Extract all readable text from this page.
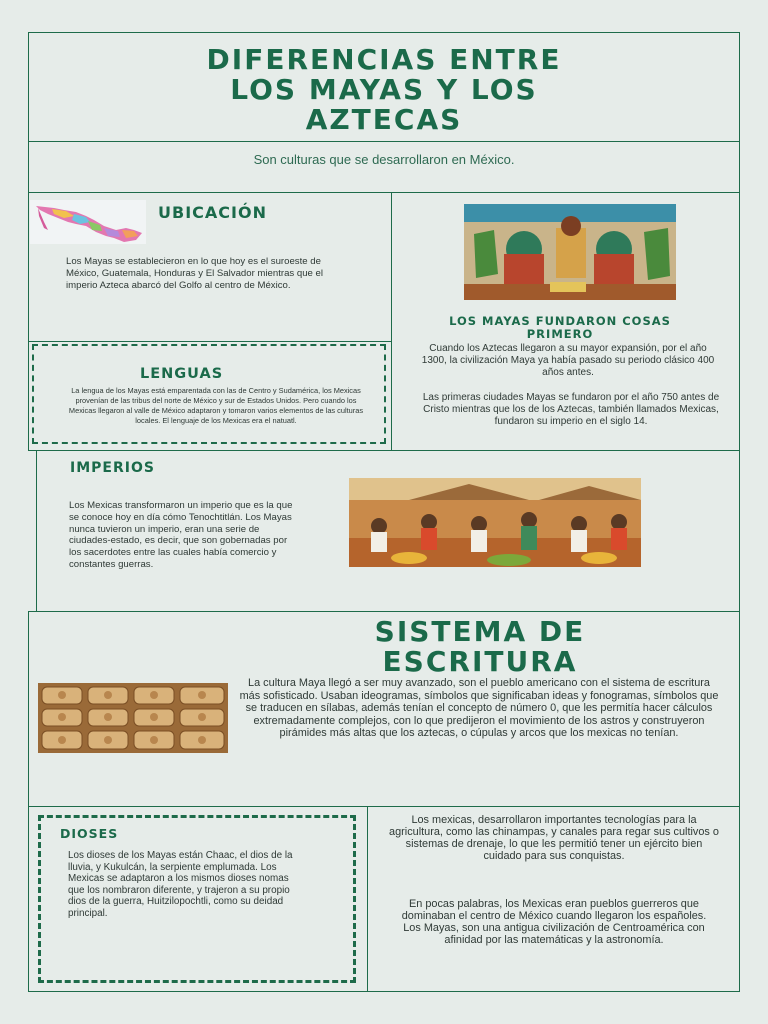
DIFERENCIAS ENTRE
LOS MAYAS Y LOS
AZTECAS
Son culturas que se desarrollaron en México.
UBICACIÓN
Los Mayas se establecieron en lo que hoy es el suroeste de México, Guatemala, Honduras y El Salvador mientras que el imperio Azteca abarcó del Golfo al centro de México.
LOS MAYAS FUNDARON COSAS PRIMERO
Cuando los Aztecas llegaron a su mayor expansión, por el año 1300, la civilización Maya ya había pasado su periodo clásico 400 años antes.
Las primeras ciudades Mayas se fundaron por el año 750 antes de Cristo mientras que los de los Aztecas, también llamados Mexicas, fundaron su imperio en el siglo 14.
LENGUAS
La lengua de los Mayas está emparentada con las de Centro y Sudamérica, los Mexicas provenían de las tribus del norte de México y sur de Estados Unidos. Pero cuando los Mexicas llegaron al valle de México adaptaron y tomaron varios elementos de las culturas locales. El lenguaje de los Mexicas era el natuatl.
IMPERIOS
Los Mexicas transformaron un imperio que es la que se conoce hoy en día cómo Tenochtitlán. Los Mayas nunca tuvieron un imperio, eran una serie de ciudades-estado, es decir, que son gobernadas por los sacerdotes entre las cuales había comercio y constantes guerras.
SISTEMA DE
ESCRITURA
La cultura Maya llegó a ser muy avanzado, son el pueblo americano con el sistema de escritura más sofisticado. Usaban ideogramas, símbolos que significaban ideas y fonogramas, símbolos que se traducen en sílabas, además tenían el concepto de número 0, que les permitía hacer cálculos extremadamente complejos, con lo que predijeron el movimiento de los astros y construyeron pirámides más altas que los aztecas, o cúpulas y arcos que los mexicas no tenían.
DIOSES
Los dioses de los Mayas están Chaac, el dios de la lluvia, y Kukulcán, la serpiente emplumada. Los Mexicas se adaptaron a los mismos dioses nomas que los nombraron diferente, y trajeron a su propio dios de la guerra, Huitzilopochtli, como su deidad principal.
Los mexicas, desarrollaron importantes tecnologías para la agricultura, como las chinampas, y canales para regar sus cultivos o sistemas de drenaje, lo que les permitió tener un ejército bien cuidado para sus conquistas.
En pocas palabras, los Mexicas eran pueblos guerreros que dominaban el centro de México cuando llegaron los españoles. Los Mayas, son una antigua civilización de Centroamérica con afinidad por las matemáticas y la astronomía.
